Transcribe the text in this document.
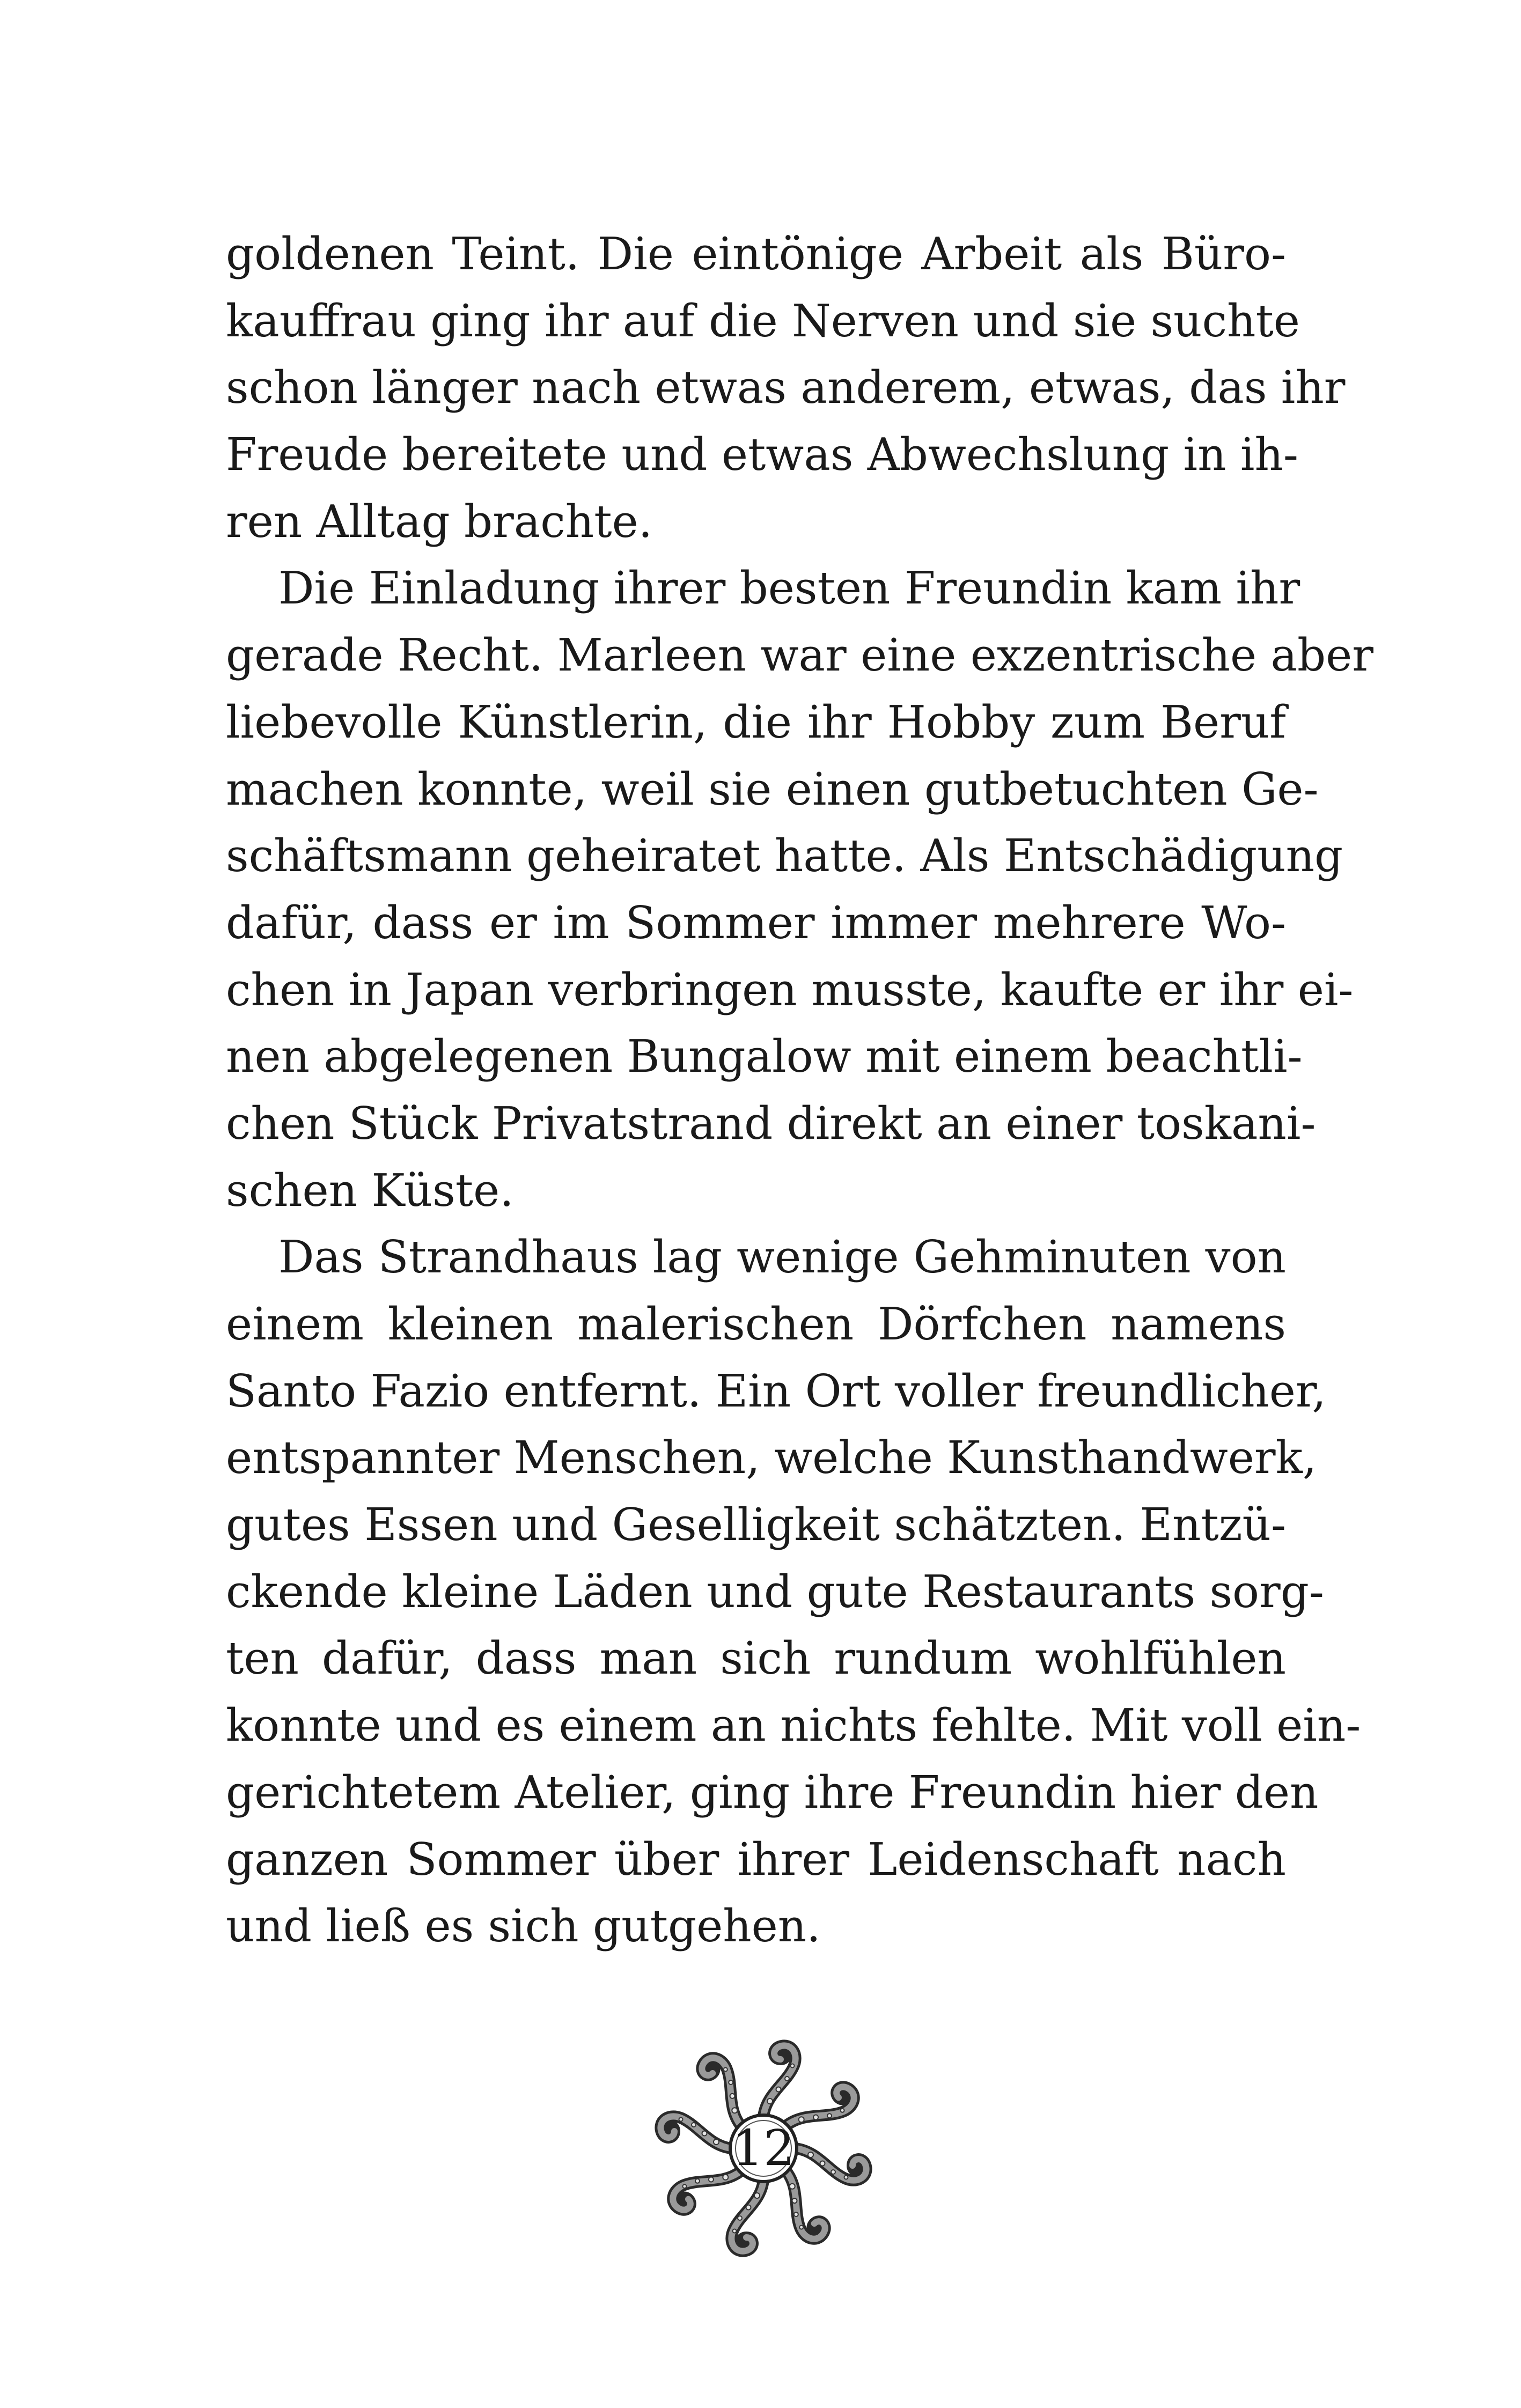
goldenen Teint. Die eintönige Arbeit als Büro-
kauffrau ging ihr auf die Nerven und sie suchte
schon länger nach etwas anderem, etwas, das ihr
Freude bereitete und etwas Abwechslung in ih-
ren Alltag brachte.
Die Einladung ihrer besten Freundin kam ihr
gerade Recht. Marleen war eine exzentrische aber
liebevolle Künstlerin, die ihr Hobby zum Beruf
machen konnte, weil sie einen gutbetuchten Ge-
schäftsmann geheiratet hatte. Als Entschädigung
dafür, dass er im Sommer immer mehrere Wo-
chen in Japan verbringen musste, kaufte er ihr ei-
nen abgelegenen Bungalow mit einem beachtli-
chen Stück Privatstrand direkt an einer toskani-
schen Küste.
Das Strandhaus lag wenige Gehminuten von
einem kleinen malerischen Dörfchen namens
Santo Fazio entfernt. Ein Ort voller freundlicher,
entspannter Menschen, welche Kunsthandwerk,
gutes Essen und Geselligkeit schätzten. Entzü-
ckende kleine Läden und gute Restaurants sorg-
ten dafür, dass man sich rundum wohlfühlen
konnte und es einem an nichts fehlte. Mit voll ein-
gerichtetem Atelier, ging ihre Freundin hier den
ganzen Sommer über ihrer Leidenschaft nach
und ließ es sich gutgehen.
12
